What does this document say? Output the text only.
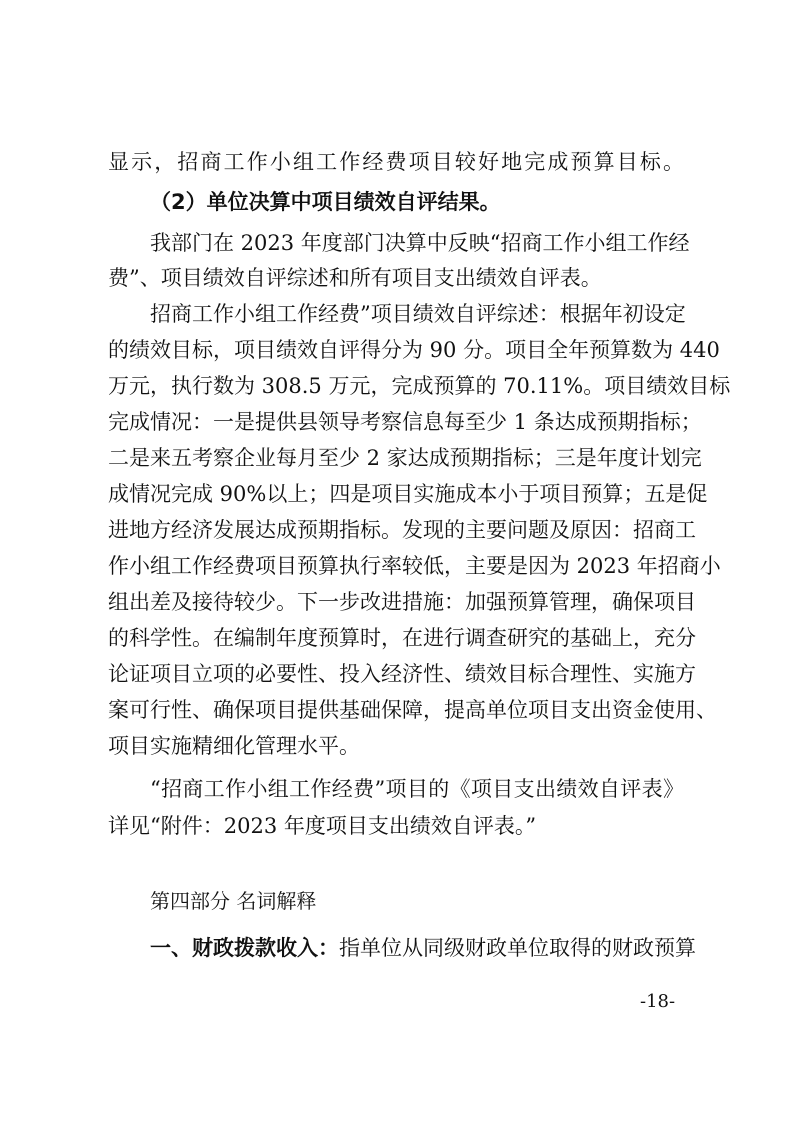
显示，招商工作小组工作经费项目较好地完成预算目标。

（2）单位决算中项目绩效自评结果。

我部门在 2023 年度部门决算中反映“招商工作小组工作经

费”、项目绩效自评综述和所有项目支出绩效自评表。

招商工作小组工作经费”项目绩效自评综述：根据年初设定

的绩效目标，项目绩效自评得分为 90 分。项目全年预算数为 440

万元，执行数为 308.5 万元，完成预算的 70.11%。项目绩效目标

完成情况：一是提供县领导考察信息每至少 1 条达成预期指标；

二是来五考察企业每月至少 2 家达成预期指标；三是年度计划完

成情况完成 90%以上；四是项目实施成本小于项目预算；五是促

进地方经济发展达成预期指标。发现的主要问题及原因：招商工

作小组工作经费项目预算执行率较低，主要是因为 2023 年招商小

组出差及接待较少。下一步改进措施：加强预算管理，确保项目

的科学性。在编制年度预算时，在进行调查研究的基础上，充分

论证项目立项的必要性、投入经济性、绩效目标合理性、实施方

案可行性、确保项目提供基础保障，提高单位项目支出资金使用、

项目实施精细化管理水平。

“招商工作小组工作经费”项目的《项目支出绩效自评表》

详见“附件：2023 年度项目支出绩效自评表。”

第四部分 名词解释

一、财政拨款收入：指单位从同级财政单位取得的财政预算

-18-
